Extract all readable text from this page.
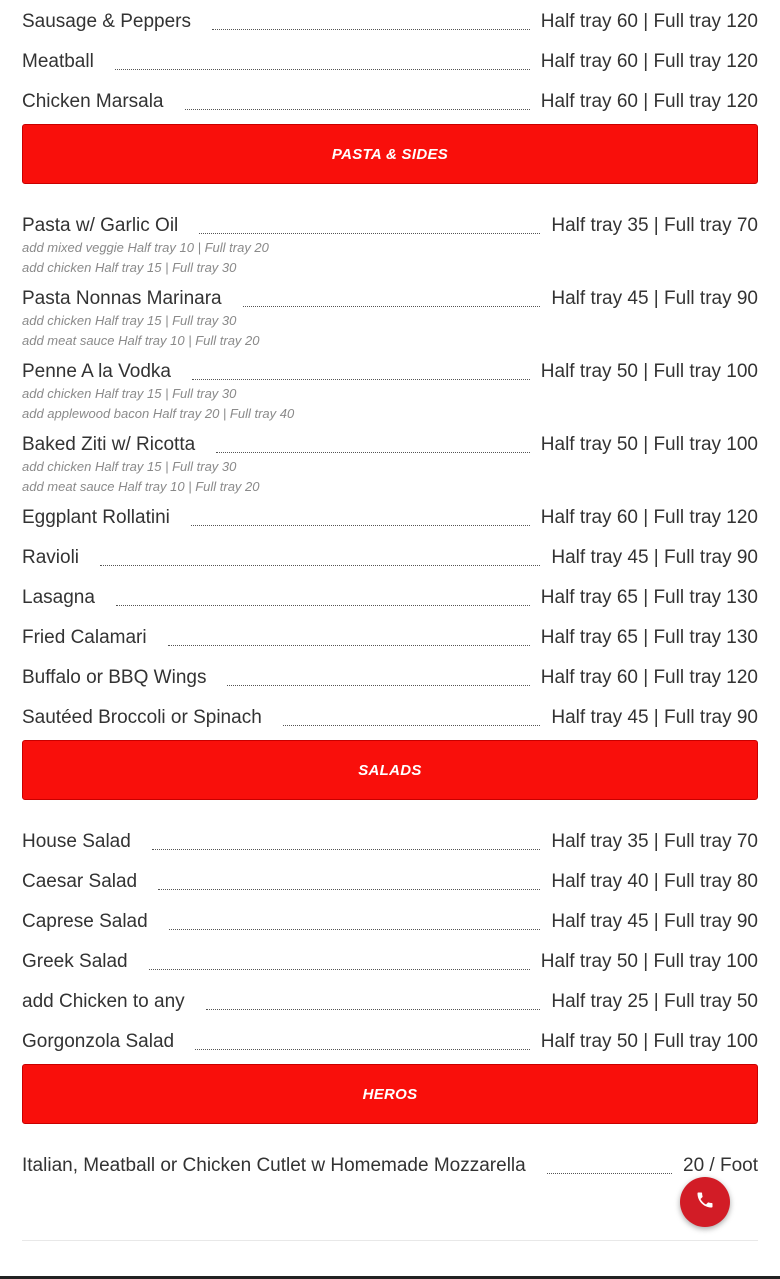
Sausage & Peppers	Half tray 60 | Full tray 120
Meatball	Half tray 60 | Full tray 120
Chicken Marsala	Half tray 60 | Full tray 120
PASTA & SIDES
Pasta w/ Garlic Oil	Half tray 35 | Full tray 70
add mixed veggie Half tray 10 | Full tray 20
add chicken Half tray 15 | Full tray 30
Pasta Nonnas Marinara	Half tray 45 | Full tray 90
add chicken Half tray 15 | Full tray 30
add meat sauce Half tray 10 | Full tray 20
Penne A la Vodka	Half tray 50 | Full tray 100
add chicken Half tray 15 | Full tray 30
add applewood bacon Half tray 20 | Full tray 40
Baked Ziti w/ Ricotta	Half tray 50 | Full tray 100
add chicken Half tray 15 | Full tray 30
add meat sauce Half tray 10 | Full tray 20
Eggplant Rollatini	Half tray 60 | Full tray 120
Ravioli	Half tray 45 | Full tray 90
Lasagna	Half tray 65 | Full tray 130
Fried Calamari	Half tray 65 | Full tray 130
Buffalo or BBQ Wings	Half tray 60 | Full tray 120
Sautéed Broccoli or Spinach	Half tray 45 | Full tray 90
SALADS
House Salad	Half tray 35 | Full tray 70
Caesar Salad	Half tray 40 | Full tray 80
Caprese Salad	Half tray 45 | Full tray 90
Greek Salad	Half tray 50 | Full tray 100
add Chicken to any	Half tray 25 | Full tray 50
Gorgonzola Salad	Half tray 50 | Full tray 100
HEROS
Italian, Meatball or Chicken Cutlet w Homemade Mozzarella	20 / Foot
